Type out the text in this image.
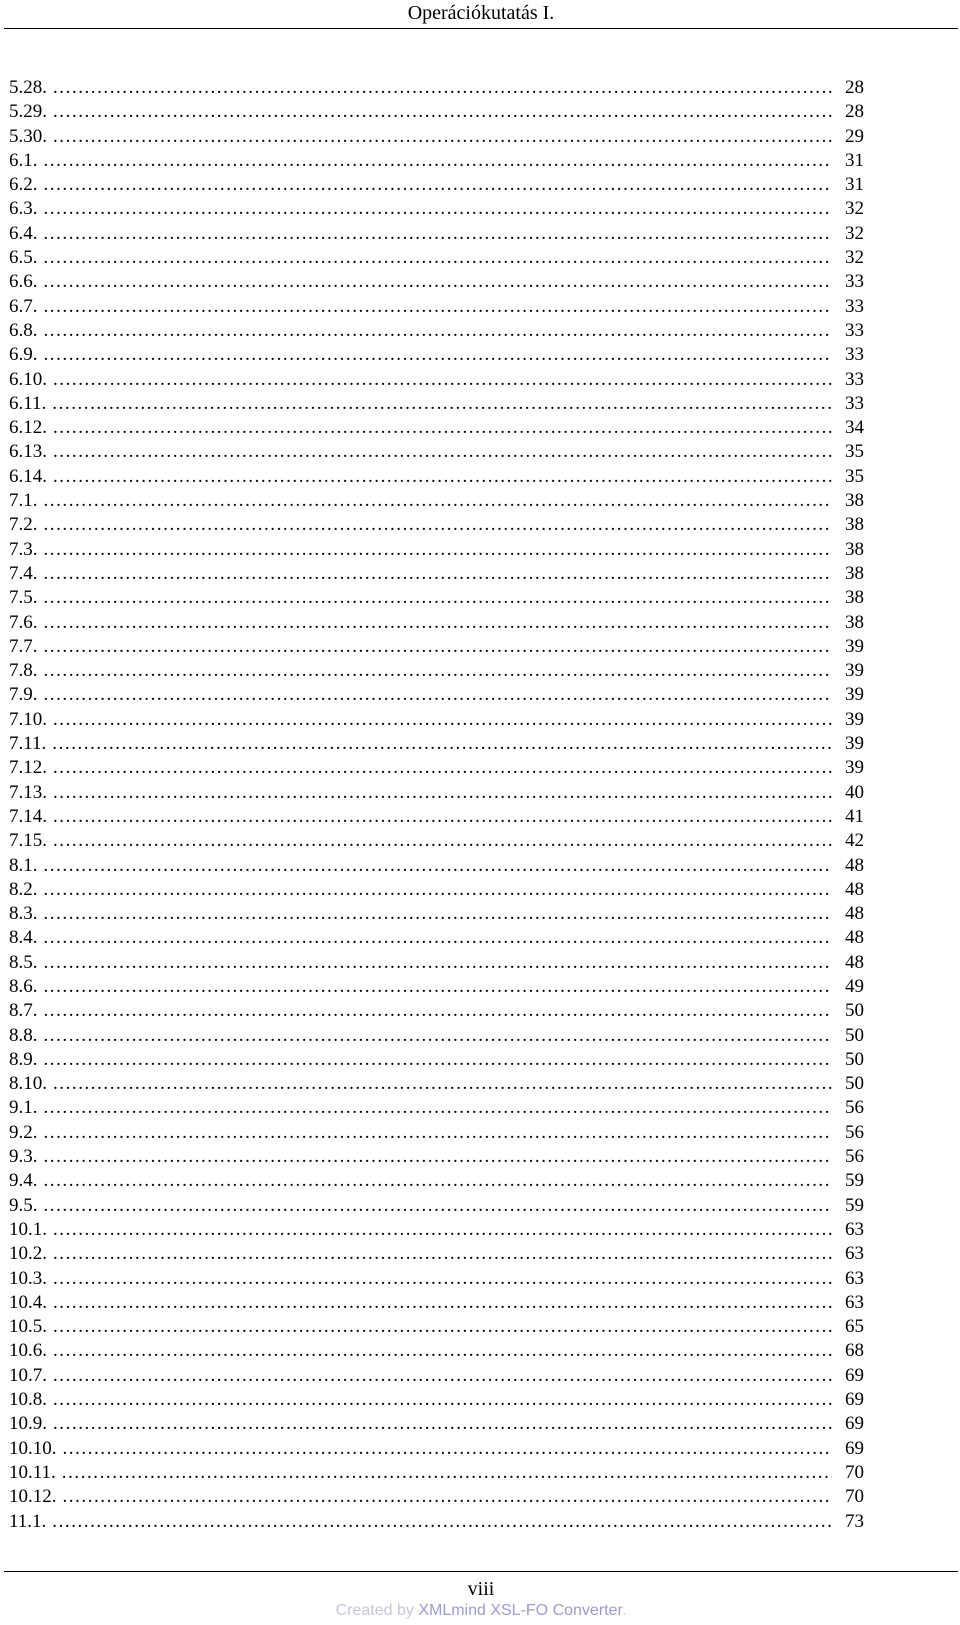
Operációkutatás I.
5.28. . . .	28
5.29. . . .	28
5.30. . . .	29
6.1. . . .	31
6.2. . . .	31
6.3. . . .	32
6.4. . . .	32
6.5. . . .	32
6.6. . . .	33
6.7. . . .	33
6.8. . . .	33
6.9. . . .	33
6.10. . . .	33
6.11. . . .	33
6.12. . . .	34
6.13. . . .	35
6.14. . . .	35
7.1. . . .	38
7.2. . . .	38
7.3. . . .	38
7.4. . . .	38
7.5. . . .	38
7.6. . . .	38
7.7. . . .	39
7.8. . . .	39
7.9. . . .	39
7.10. . . .	39
7.11. . . .	39
7.12. . . .	39
7.13. . . .	40
7.14. . . .	41
7.15. . . .	42
8.1. . . .	48
8.2. . . .	48
8.3. . . .	48
8.4. . . .	48
8.5. . . .	48
8.6. . . .	49
8.7. . . .	50
8.8. . . .	50
8.9. . . .	50
8.10. . . .	50
9.1. . . .	56
9.2. . . .	56
9.3. . . .	56
9.4. . . .	59
9.5. . . .	59
10.1. . . .	63
10.2. . . .	63
10.3. . . .	63
10.4. . . .	63
10.5. . . .	65
10.6. . . .	68
10.7. . . .	69
10.8. . . .	69
10.9. . . .	69
10.10. . . .	69
10.11. . . .	70
10.12. . . .	70
11.1. . . .	73
viii
Created by XMLmind XSL-FO Converter.
